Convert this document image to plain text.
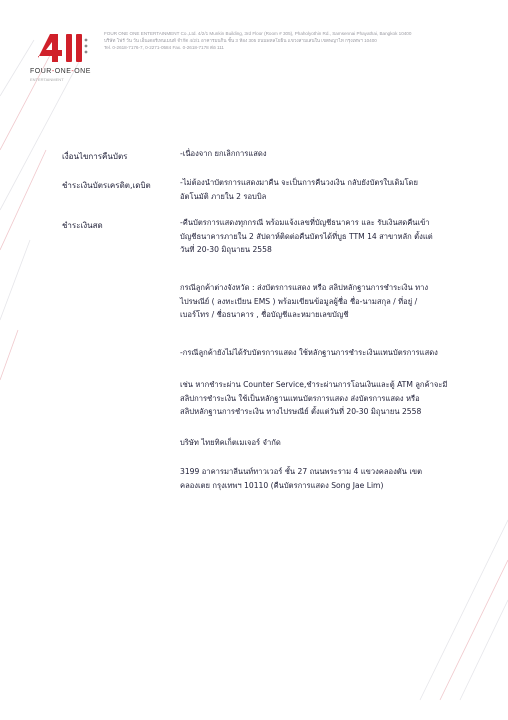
FOUR-ONE-ONE
ENTERTAINMENT
FOUR ONE ONE ENTERTAINMENT Co.,Ltd. 4/2/1 Munkin Building, 3rd Floor (Room # 305), Phaholyothin Rd., Samsennai Phayathai, Bangkok 10400
บริษัท โฟร์ วัน วัน เอ็นเตอร์เทนเมนท์ จำกัด 4/2/1 อาคารมนกิน ชั้น 3 ห้อง 305 ถนนพหลโยธิน แขวงสามเสนใน เขตพญาไท กรุงเทพฯ 10400
Tel. 0-2618-7176-7, 0-2271-0584 Fax. 0-2618-7178 ต่อ 111
เงื่อนไขการคืนบัตร	-เนื่องจาก ยกเลิกการแสดง
ชำระเงินบัตรเครดิต,เดบิต	-ไม่ต้องนำบัตรการแสดงมาคืน จะเป็นการคืนวงเงิน กลับยังบัตรใบเดิมโดย
อัตโนมัติ ภายใน 2 รอบบิล
ชำระเงินสด	-คืนบัตรการแสดงทุกกรณี พร้อมแจ้งเลขที่บัญชีธนาคาร และ รับเงินสดคืนเข้า
บัญชีธนาคารภายใน 2 สัปดาห์ติดต่อคืนบัตรได้ที่บูธ TTM 14 สาขาหลัก ตั้งแต่
วันที่ 20-30 มิถุนายน 2558
กรณีลูกค้าต่างจังหวัด : ส่งบัตรการแสดง หรือ สลิปหลักฐานการชำระเงิน ทาง
ไปรษณีย์ ( ลงทะเบียน EMS ) พร้อมเขียนข้อมูลผู้ชื่อ ชื่อ-นามสกุล / ที่อยู่ /
เบอร์โทร / ชื่อธนาคาร , ชื่อบัญชีและหมายเลขบัญชี
-กรณีลูกค้ายังไม่ได้รับบัตรการแสดง ใช้หลักฐานการชำระเงินแทนบัตรการแสดง
เช่น หากชำระผ่าน Counter Service,ชำระผ่านการโอนเงินและตู้ ATM ลูกค้าจะมี
สลิปการชำระเงิน ใช้เป็นหลักฐานแทนบัตรการแสดง ส่งบัตรการแสดง หรือ
สลิปหลักฐานการชำระเงิน ทางไปรษณีย์ ตั้งแต่วันที่ 20-30 มิถุนายน 2558
บริษัท ไทยทิคเก็ตเมเจอร์ จำกัด
3199 อาคารมาลีนนท์ทาวเวอร์ ชั้น 27 ถนนพระราม 4 แขวงคลองตัน เขต
คลองเตย กรุงเทพฯ 10110 (คืนบัตรการแสดง Song Jae Lim)
